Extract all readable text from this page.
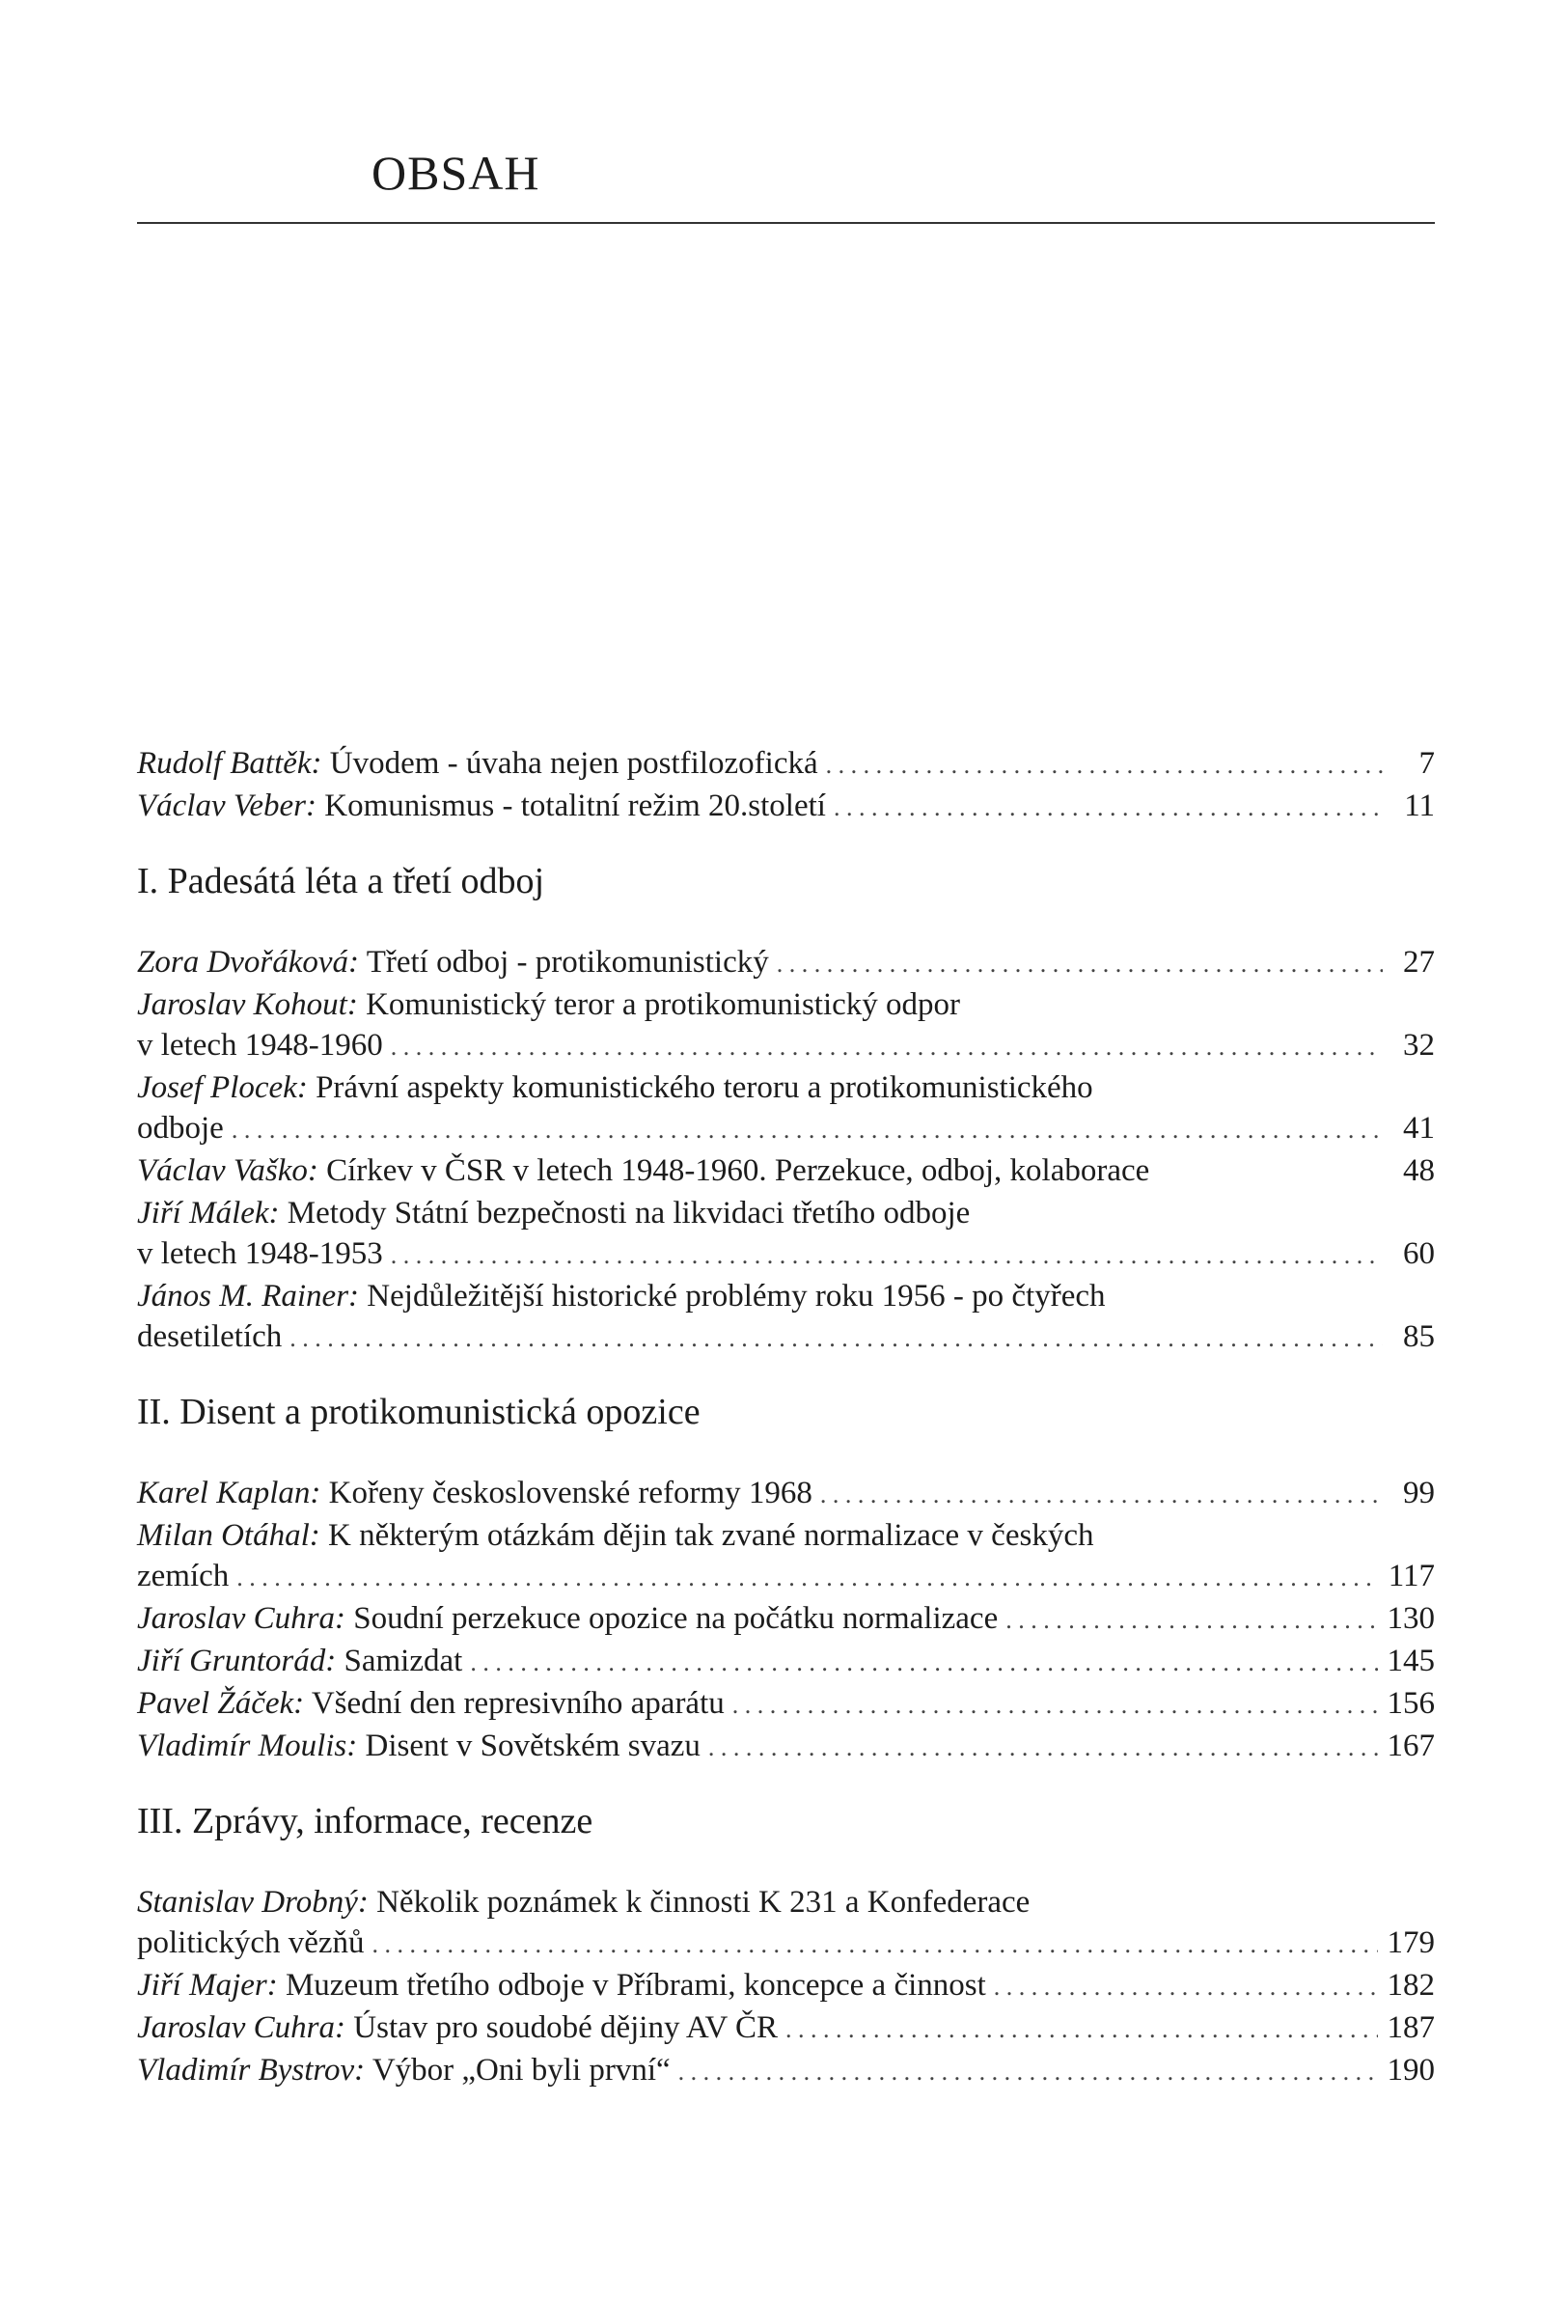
OBSAH
Rudolf Battěk: Úvodem - úvaha nejen postfilozofická . . .	7
Václav Veber: Komunismus - totalitní režim 20.století . . .	11
I. Padesátá léta a třetí odboj
Zora Dvořáková: Třetí odboj - protikomunistický . . .	27
Jaroslav Kohout: Komunistický teror a protikomunistický odpor
v letech 1948-1960 . . .	32
Josef Plocek: Právní aspekty komunistického teroru a protikomunistického
odboje . . .	41
Václav Vaško: Církev v ČSR v letech 1948-1960. Perzekuce, odboj, kolaborace	48
Jiří Málek: Metody Státní bezpečnosti na likvidaci třetího odboje
v letech 1948-1953 . . .	60
János M. Rainer: Nejdůležitější historické problémy roku 1956 - po čtyřech
desetiletích . . .	85
II. Disent a protikomunistická opozice
Karel Kaplan: Kořeny československé reformy 1968 . . .	99
Milan Otáhal: K některým otázkám dějin tak zvané normalizace v českých
zemích . . .	117
Jaroslav Cuhra: Soudní perzekuce opozice na počátku normalizace . . .	130
Jiří Gruntorád: Samizdat . . .	145
Pavel Žáček: Všední den represivního aparátu . . .	156
Vladimír Moulis: Disent v Sovětském svazu . . .	167
III. Zprávy, informace, recenze
Stanislav Drobný: Několik poznámek k činnosti K 231 a Konfederace
politických vězňů . . .	179
Jiří Majer: Muzeum třetího odboje v Příbrami, koncepce a činnost . . .	182
Jaroslav Cuhra: Ústav pro soudobé dějiny AV ČR . . .	187
Vladimír Bystrov: Výbor „Oni byli první“ . . .	190
